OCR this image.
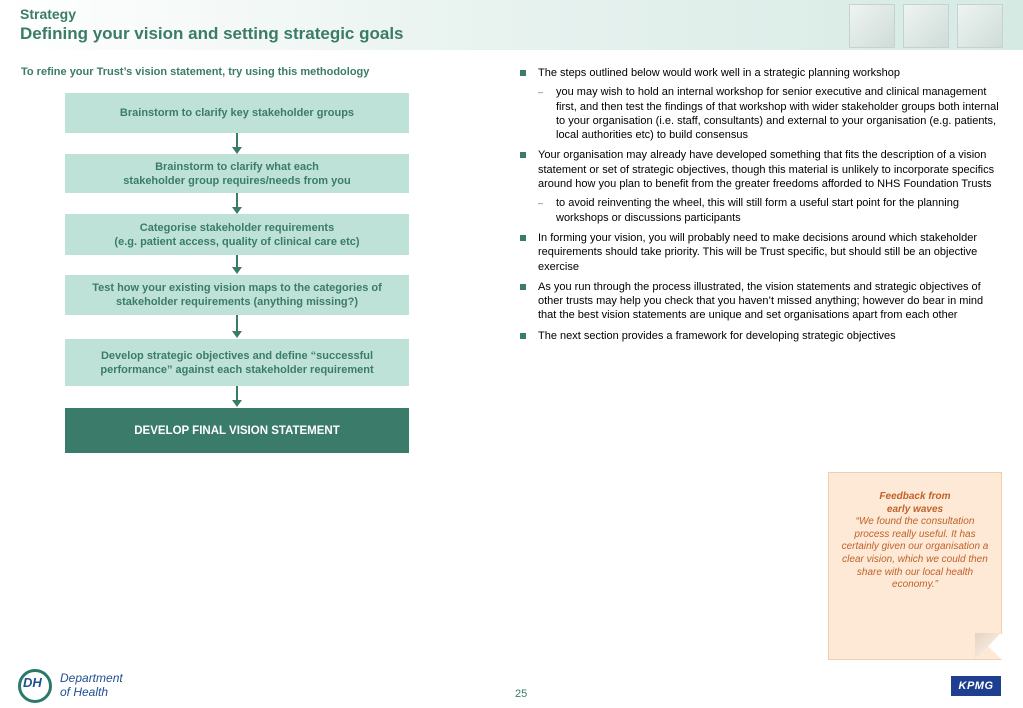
Strategy
Defining your vision and setting strategic goals
To refine your Trust’s vision statement, try using this methodology
Brainstorm to clarify key stakeholder groups
Brainstorm to clarify what each
stakeholder group requires/needs from you
Categorise stakeholder requirements
(e.g. patient access, quality of clinical care etc)
Test how your existing vision maps to the categories of
stakeholder requirements (anything missing?)
Develop strategic objectives and define “successful
performance” against each stakeholder requirement
DEVELOP FINAL VISION STATEMENT
The steps outlined below would work well in a strategic planning workshop
– you may wish to hold an internal workshop for senior executive and clinical management first, and then test the findings of that workshop with wider stakeholder groups both internal to your organisation (i.e. staff, consultants) and external to your organisation (e.g. patients, local authorities etc) to build consensus
Your organisation may already have developed something that fits the description of a vision statement or set of strategic objectives, though this material is unlikely to incorporate specifics around how you plan to benefit from the greater freedoms afforded to NHS Foundation Trusts
– to avoid reinventing the wheel, this will still form a useful start point for the planning workshops or discussions participants
In forming your vision, you will probably need to make decisions around which stakeholder requirements should take priority. This will be Trust specific, but should still be an objective exercise
As you run through the process illustrated, the vision statements and strategic objectives of other trusts may help you check that you haven’t missed anything; however do bear in mind that the best vision statements are unique and set organisations apart from each other
The next section provides a framework for developing strategic objectives
Feedback from
early waves
“We found the consultation process really useful. It has certainly given our organisation a clear vision, which we could then share with our local health economy.”
DH Department
of Health	25
KPMG
